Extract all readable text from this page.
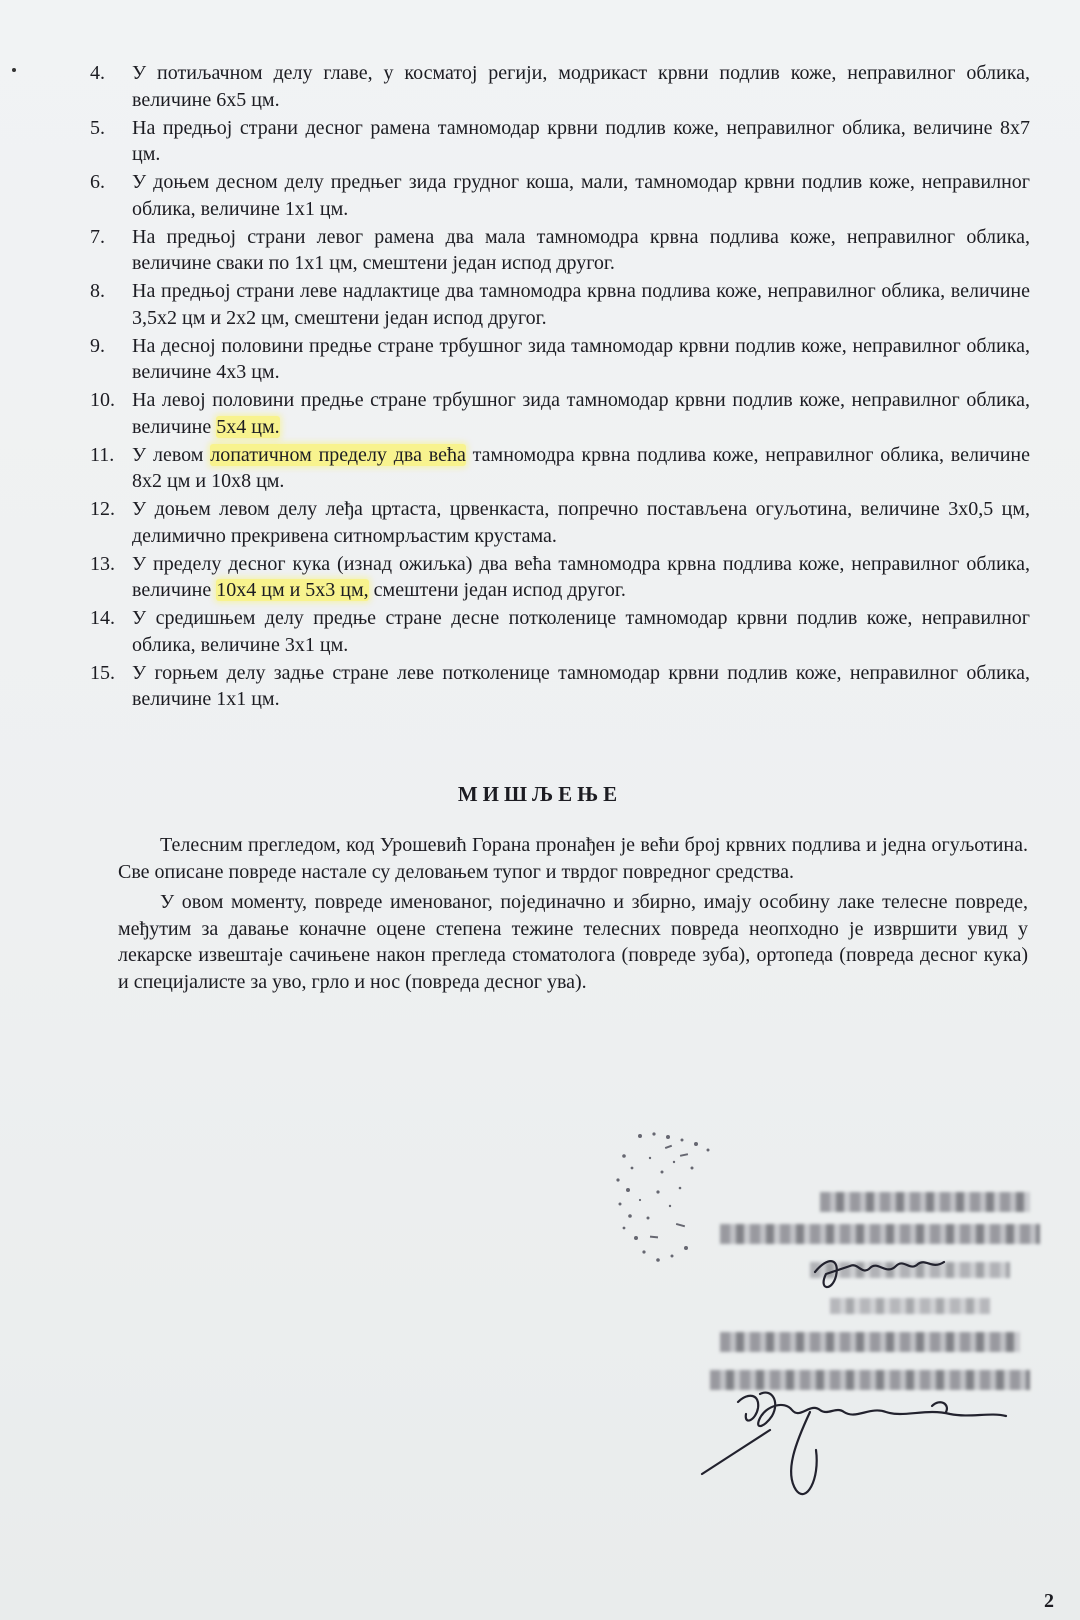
4.	У потиљачном делу главе, у косматој регији, модрикаст крвни подлив коже, неправилног облика, величине 6х5 цм.
5.	На предњој страни десног рамена тамномодар крвни подлив коже, неправилног облика, величине 8х7 цм.
6.	У доњем десном делу предњег зида грудног коша, мали, тамномодар крвни подлив коже, неправилног облика, величине 1х1 цм.
7.	На предњој страни левог рамена два мала тамномодра крвна подлива коже, неправилног облика, величине сваки по 1х1 цм, смештени један испод другог.
8.	На предњој страни леве надлактице два тамномодра крвна подлива коже, неправилног облика, величине 3,5х2 цм и 2х2 цм, смештени један испод другог.
9.	На десној половини предње стране трбушног зида тамномодар крвни подлив коже, неправилног облика, величине 4х3 цм.
10. На левој половини предње стране трбушног зида тамномодар крвни подлив коже, неправилног облика, величине 5х4 цм.
11. У левом лопатичном пределу два већа тамномодра крвна подлива коже, неправилног облика, величине 8х2 цм и 10х8 цм.
12. У доњем левом делу леђа цртаста, црвенкаста, попречно постављена огуљотина, величине 3х0,5 цм, делимично прекривена ситномрљастим крустама.
13. У пределу десног кука (изнад ожиљка) два већа тамномодра крвна подлива коже, неправилног облика, величине 10х4 цм и 5х3 цм, смештени један испод другог.
14. У средишњем делу предње стране десне потколенице тамномодар крвни подлив коже, неправилног облика, величине 3х1 цм.
15. У горњем делу задње стране леве потколенице тамномодар крвни подлив коже, неправилног облика, величине 1х1 цм.
МИШЉЕЊЕ

Телесним прегледом, код Урошевић Горана пронађен је већи број крвних подлива и једна огуљотина. Све описане повреде настале су деловањем тупог и тврдог повредног средства.

У овом моменту, повреде именованог, појединачно и збирно, имају особину лаке телесне повреде, међутим за давање коначне оцене степена тежине телесних повреда неопходно је извршити увид у лекарске извештаје сачињене након прегледа стоматолога (повреде зуба), ортопеда (повреда десног кука) и специјалисте за уво, грло и нос (повреда десног ува).

2
